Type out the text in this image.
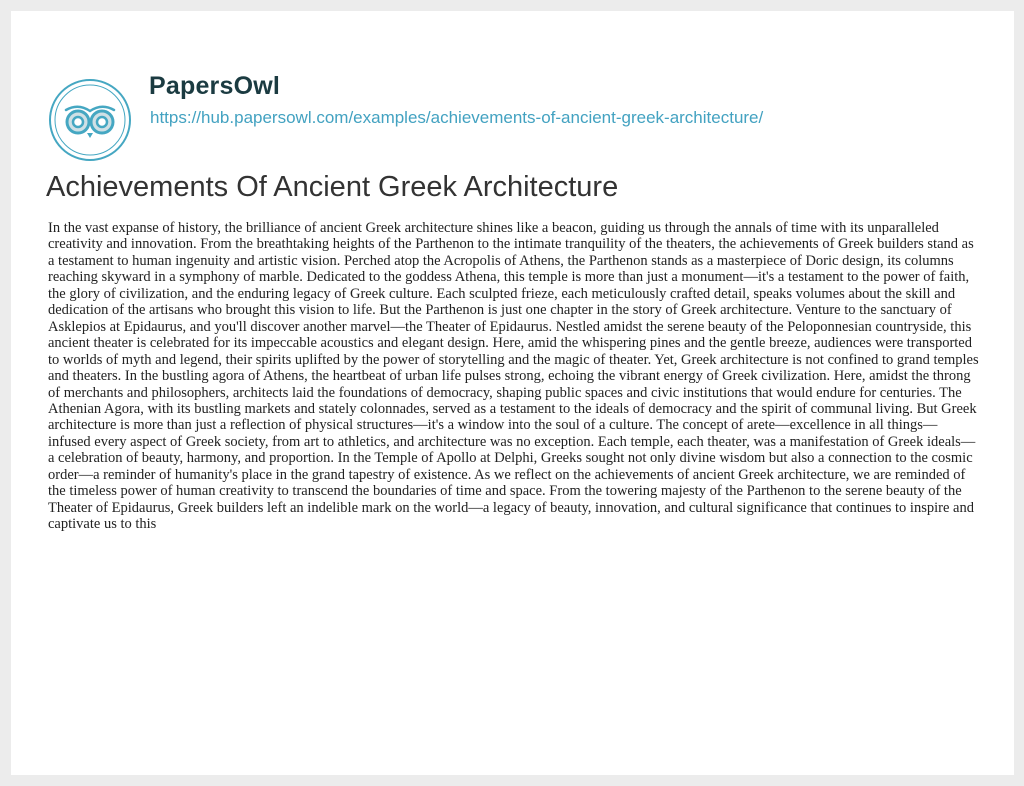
PapersOwl
https://hub.papersowl.com/examples/achievements-of-ancient-greek-architecture/
Achievements Of Ancient Greek Architecture

In the vast expanse of history, the brilliance of ancient Greek architecture shines like a beacon, guiding us through the annals of time with its unparalleled creativity and innovation. From the breathtaking heights of the Parthenon to the intimate tranquility of the theaters, the achievements of Greek builders stand as a testament to human ingenuity and artistic vision. Perched atop the Acropolis of Athens, the Parthenon stands as a masterpiece of Doric design, its columns reaching skyward in a symphony of marble. Dedicated to the goddess Athena, this temple is more than just a monument—it's a testament to the power of faith, the glory of civilization, and the enduring legacy of Greek culture. Each sculpted frieze, each meticulously crafted detail, speaks volumes about the skill and dedication of the artisans who brought this vision to life. But the Parthenon is just one chapter in the story of Greek architecture. Venture to the sanctuary of Asklepios at Epidaurus, and you'll discover another marvel—the Theater of Epidaurus. Nestled amidst the serene beauty of the Peloponnesian countryside, this ancient theater is celebrated for its impeccable acoustics and elegant design. Here, amid the whispering pines and the gentle breeze, audiences were transported to worlds of myth and legend, their spirits uplifted by the power of storytelling and the magic of theater. Yet, Greek architecture is not confined to grand temples and theaters. In the bustling agora of Athens, the heartbeat of urban life pulses strong, echoing the vibrant energy of Greek civilization. Here, amidst the throng of merchants and philosophers, architects laid the foundations of democracy, shaping public spaces and civic institutions that would endure for centuries. The Athenian Agora, with its bustling markets and stately colonnades, served as a testament to the ideals of democracy and the spirit of communal living. But Greek architecture is more than just a reflection of physical structures—it's a window into the soul of a culture. The concept of arete—excellence in all things—infused every aspect of Greek society, from art to athletics, and architecture was no exception. Each temple, each theater, was a manifestation of Greek ideals—a celebration of beauty, harmony, and proportion. In the Temple of Apollo at Delphi, Greeks sought not only divine wisdom but also a connection to the cosmic order—a reminder of humanity's place in the grand tapestry of existence. As we reflect on the achievements of ancient Greek architecture, we are reminded of the timeless power of human creativity to transcend the boundaries of time and space. From the towering majesty of the Parthenon to the serene beauty of the Theater of Epidaurus, Greek builders left an indelible mark on the world—a legacy of beauty, innovation, and cultural significance that continues to inspire and captivate us to this
